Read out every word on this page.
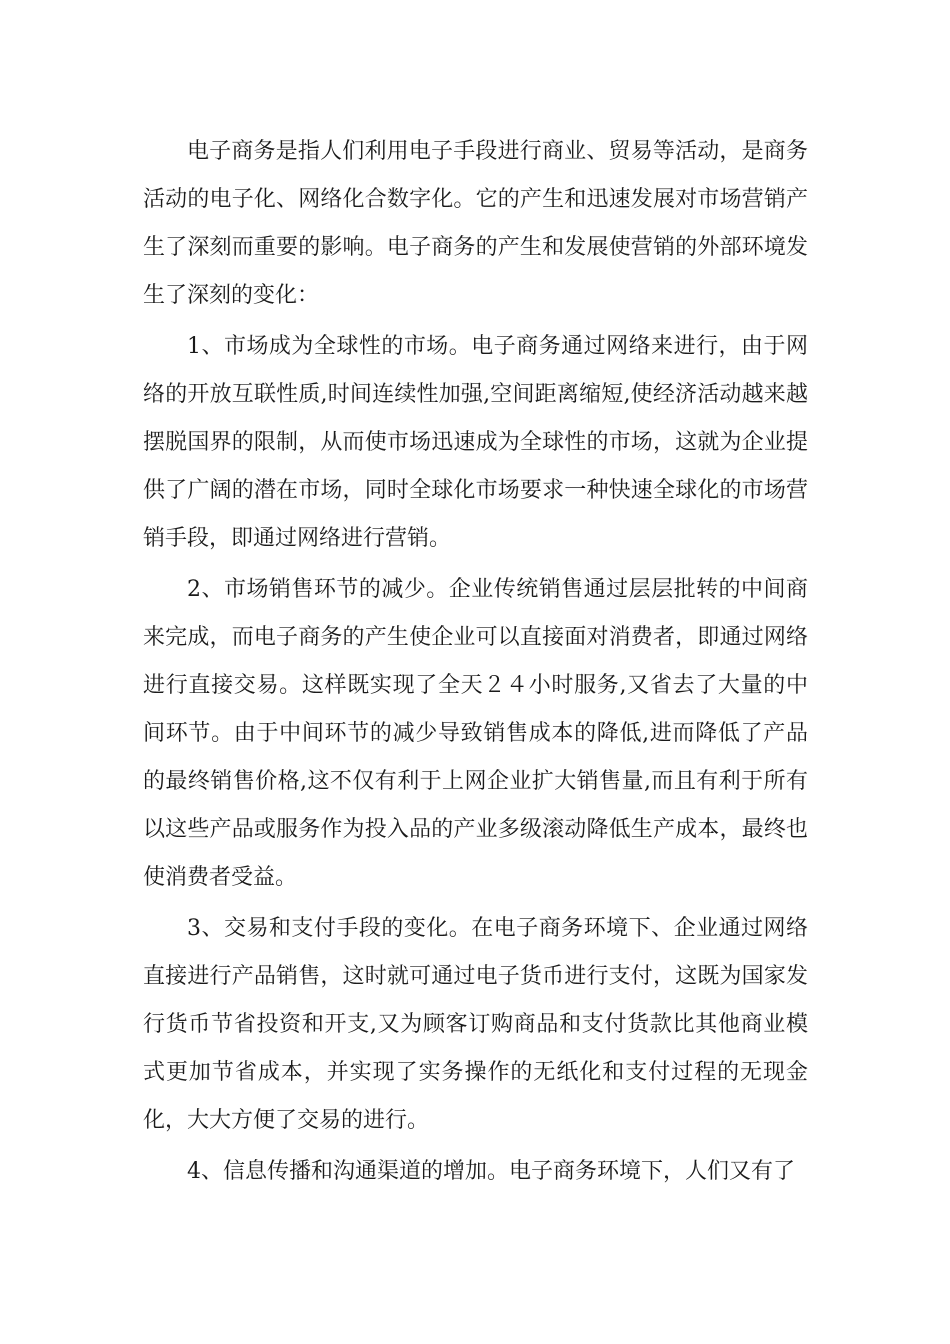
电子商务是指人们利用电子手段进行商业、贸易等活动，是商务活动的电子化、网络化合数字化。它的产生和迅速发展对市场营销产生了深刻而重要的影响。电子商务的产生和发展使营销的外部环境发生了深刻的变化：

1、市场成为全球性的市场。电子商务通过网络来进行，由于网络的开放互联性质,时间连续性加强,空间距离缩短,使经济活动越来越摆脱国界的限制，从而使市场迅速成为全球性的市场，这就为企业提供了广阔的潜在市场，同时全球化市场要求一种快速全球化的市场营销手段，即通过网络进行营销。

2、市场销售环节的减少。企业传统销售通过层层批转的中间商来完成，而电子商务的产生使企业可以直接面对消费者，即通过网络进行直接交易。这样既实现了全天２４小时服务,又省去了大量的中间环节。由于中间环节的减少导致销售成本的降低,进而降低了产品的最终销售价格,这不仅有利于上网企业扩大销售量,而且有利于所有以这些产品或服务作为投入品的产业多级滚动降低生产成本，最终也使消费者受益。

3、交易和支付手段的变化。在电子商务环境下、企业通过网络直接进行产品销售，这时就可通过电子货币进行支付，这既为国家发行货币节省投资和开支,又为顾客订购商品和支付货款比其他商业模式更加节省成本，并实现了实务操作的无纸化和支付过程的无现金化，大大方便了交易的进行。

4、信息传播和沟通渠道的增加。电子商务环境下，人们又有了
